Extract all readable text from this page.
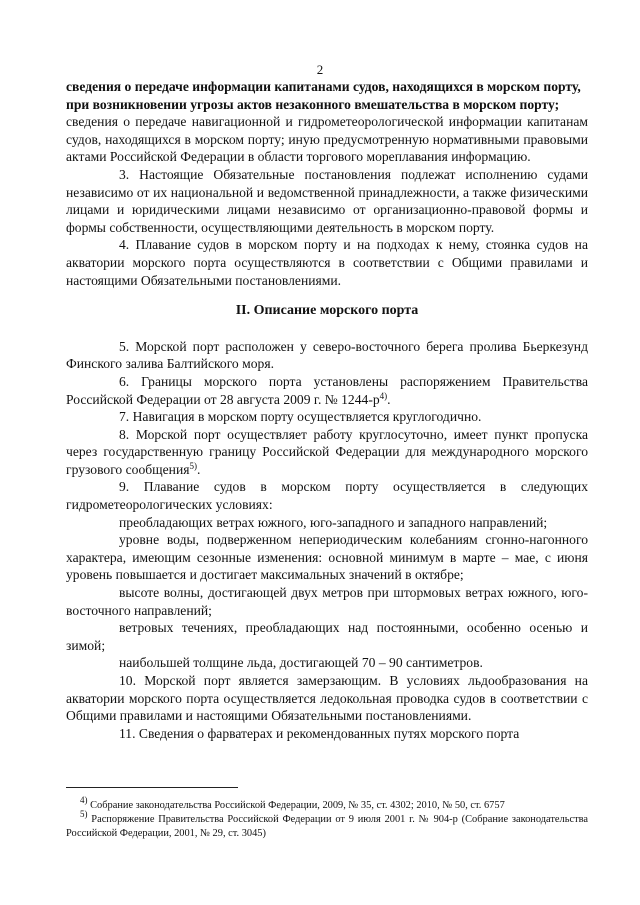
2

сведения о передаче информации капитанами судов, находящихся в морском порту,

при возникновении угрозы актов незаконного вмешательства в морском порту;

сведения о передаче навигационной и гидрометеорологической информации капитанам судов, находящихся в морском порту; иную предусмотренную нормативными правовыми актами Российской Федерации в области торгового мореплавания информацию.

3. Настоящие Обязательные постановления подлежат исполнению судами независимо от их национальной и ведомственной принадлежности, а также физическими лицами и юридическими лицами независимо от организационно-правовой формы и формы собственности, осуществляющими деятельность в морском порту.

4. Плавание судов в морском порту и на подходах к нему, стоянка судов на акватории морского порта осуществляются в соответствии с Общими правилами и настоящими Обязательными постановлениями.

II. Описание морского порта

5. Морской порт расположен у северо-восточного берега пролива Бьеркезунд Финского залива Балтийского моря.

6. Границы морского порта установлены распоряжением Правительства Российской Федерации от 28 августа 2009 г. № $1244-р^{4)}$.

7. Навигация в морском порту осуществляется круглогодично.

8. Морской порт осуществляет работу круглосуточно, имеет пункт пропуска через государственную границу Российской Федерации для международного морского грузового сообщения$^{5)}$.

9. Плавание судов в морском порту осуществляется в следующих гидрометеорологических условиях:

преобладающих ветрах южного, юго-западного и западного направлений;

уровне воды, подверженном непериодическим колебаниям сгонно-нагонного характера, имеющим сезонные изменения: основной минимум в марте – мае, с июня уровень повышается и достигает максимальных значений в октябре;

высоте волны, достигающей двух метров при штормовых ветрах южного, юго-восточного направлений;

ветровых течениях, преобладающих над постоянными, особенно осенью и зимой;

наибольшей толщине льда, достигающей 70 – 90 сантиметров.

10. Морской порт является замерзающим. В условиях льдообразования на акватории морского порта осуществляется ледокольная проводка судов в соответствии с Общими правилами и настоящими Обязательными постановлениями.

11. Сведения о фарватерах и рекомендованных путях морского порта

$^{4)}$ Собрание законодательства Российской Федерации, 2009, № 35, ст. 4302; 2010, № 50, ст. 6757

$^{5)}$ Распоряжение Правительства Российской Федерации от 9 июля 2001 г. № 904-р (Собрание законодательства Российской Федерации, 2001, № 29, ст. 3045)
